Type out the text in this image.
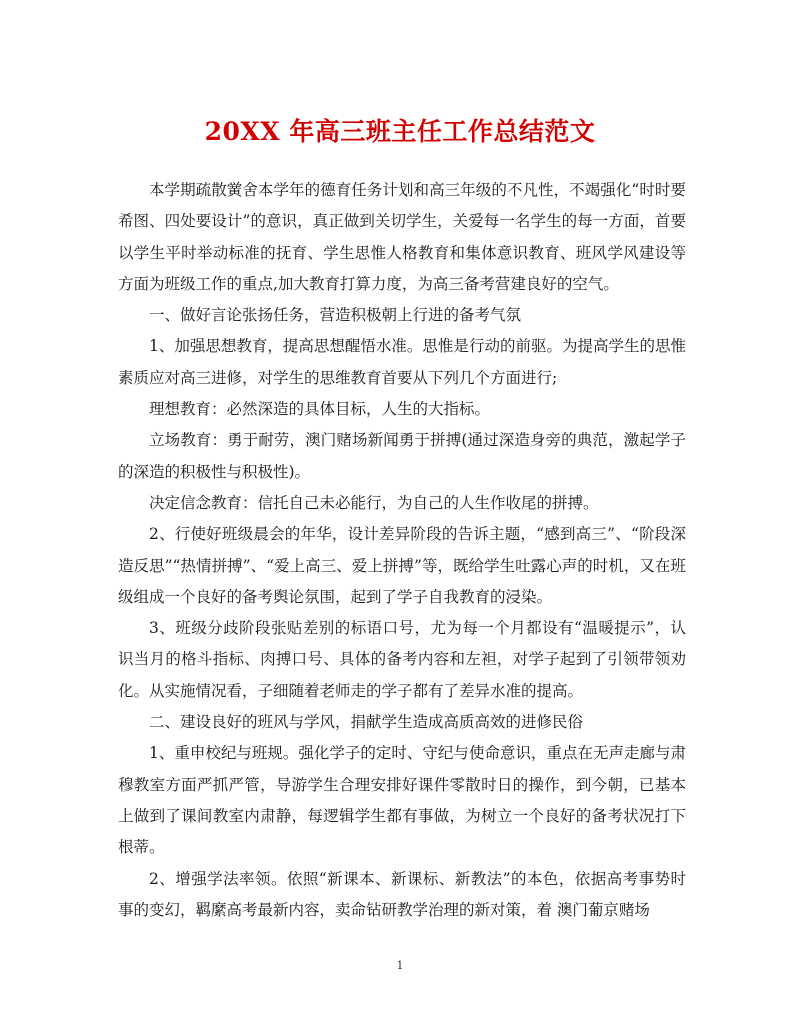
20XX 年高三班主任工作总结范文

本学期疏散黉舍本学年的德育任务计划和高三年级的不凡性，不竭强化“时时要希图、四处要设计”的意识，真正做到关切学生，关爱每一名学生的每一方面，首要以学生平时举动标准的抚育、学生思惟人格教育和集体意识教育、班风学风建设等方面为班级工作的重点,加大教育打算力度，为高三备考营建良好的空气。

一、做好言论张扬任务，营造积极朝上行进的备考气氛

1、加强思想教育，提高思想醒悟水准。思惟是行动的前驱。为提高学生的思惟素质应对高三进修，对学生的思维教育首要从下列几个方面进行;

理想教育：必然深造的具体目标，人生的大指标。

立场教育：勇于耐劳，澳门赌场新闻勇于拼搏(通过深造身旁的典范，激起学子的深造的积极性与积极性)。

决定信念教育：信托自己未必能行，为自己的人生作收尾的拼搏。

2、行使好班级晨会的年华，设计差异阶段的告诉主题，“感到高三”、“阶段深造反思”“热情拼搏”、“爱上高三、爱上拼搏”等，既给学生吐露心声的时机，又在班级组成一个良好的备考舆论氛围，起到了学子自我教育的浸染。

3、班级分歧阶段张贴差别的标语口号，尤为每一个月都设有“温暖提示”，认识当月的格斗指标、肉搏口号、具体的备考内容和左袒，对学子起到了引领带领劝化。从实施情况看，子细随着老师走的学子都有了差异水准的提高。

二、建设良好的班风与学风，捐献学生造成高质高效的进修民俗

1、重申校纪与班规。强化学子的定时、守纪与使命意识，重点在无声走廊与肃穆教室方面严抓严管，导游学生合理安排好课件零散时日的操作，到今朝，已基本上做到了课间教室内肃静，每逻辑学生都有事做，为树立一个良好的备考状况打下根蒂。

2、增强学法率领。依照“新课本、新课标、新教法”的本色，依据高考事势时事的变幻，羁縻高考最新内容，卖命钻研教学治理的新对策，着 澳门葡京赌场

1
